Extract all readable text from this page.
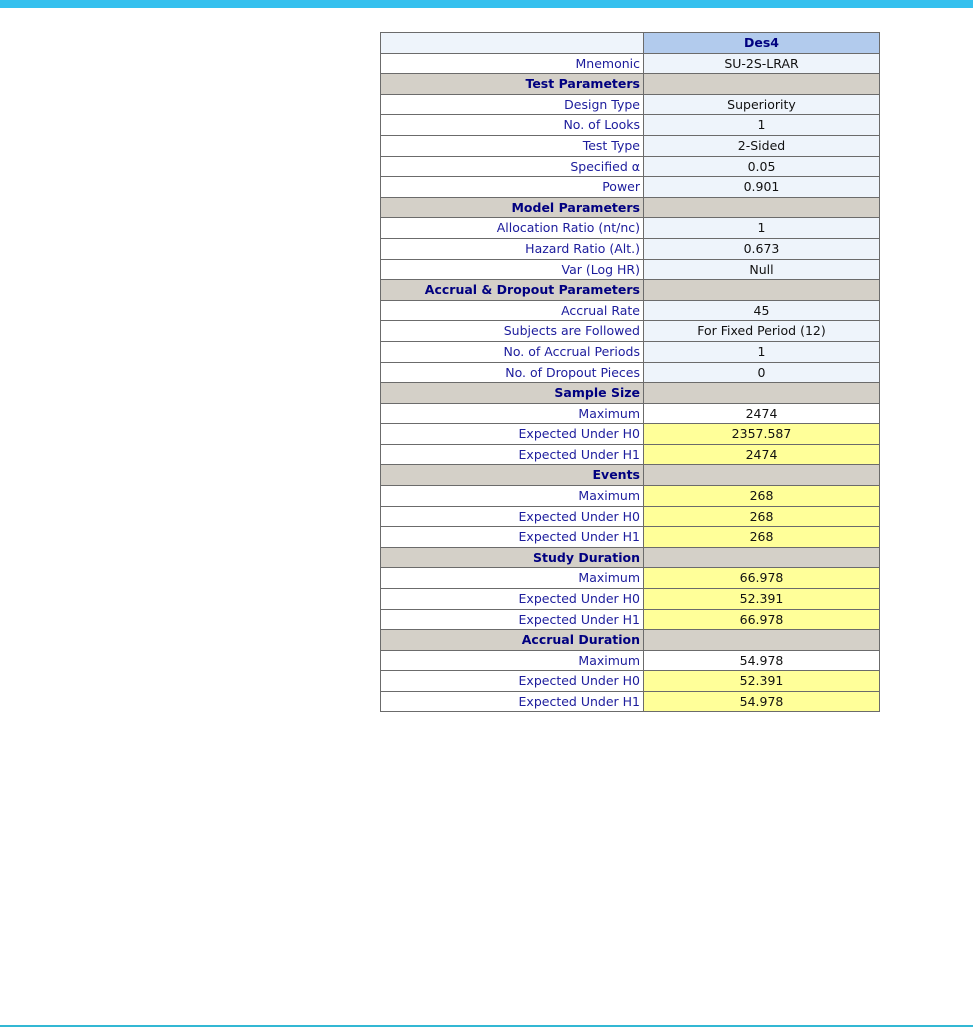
Des4
Mnemonic	SU-2S-LRAR
Test Parameters
Design Type	Superiority
No. of Looks	1
Test Type	2-Sided
Specified α	0.05
Power	0.901
Model Parameters
Allocation Ratio (nt/nc)	1
Hazard Ratio (Alt.)	0.673
Var (Log HR)	Null
Accrual & Dropout Parameters
Accrual Rate	45
Subjects are Followed	For Fixed Period (12)
No. of Accrual Periods	1
No. of Dropout Pieces	0
Sample Size
Maximum	2474
Expected Under H0	2357.587
Expected Under H1	2474
Events
Maximum	268
Expected Under H0	268
Expected Under H1	268
Study Duration
Maximum	66.978
Expected Under H0	52.391
Expected Under H1	66.978
Accrual Duration
Maximum	54.978
Expected Under H0	52.391
Expected Under H1	54.978
